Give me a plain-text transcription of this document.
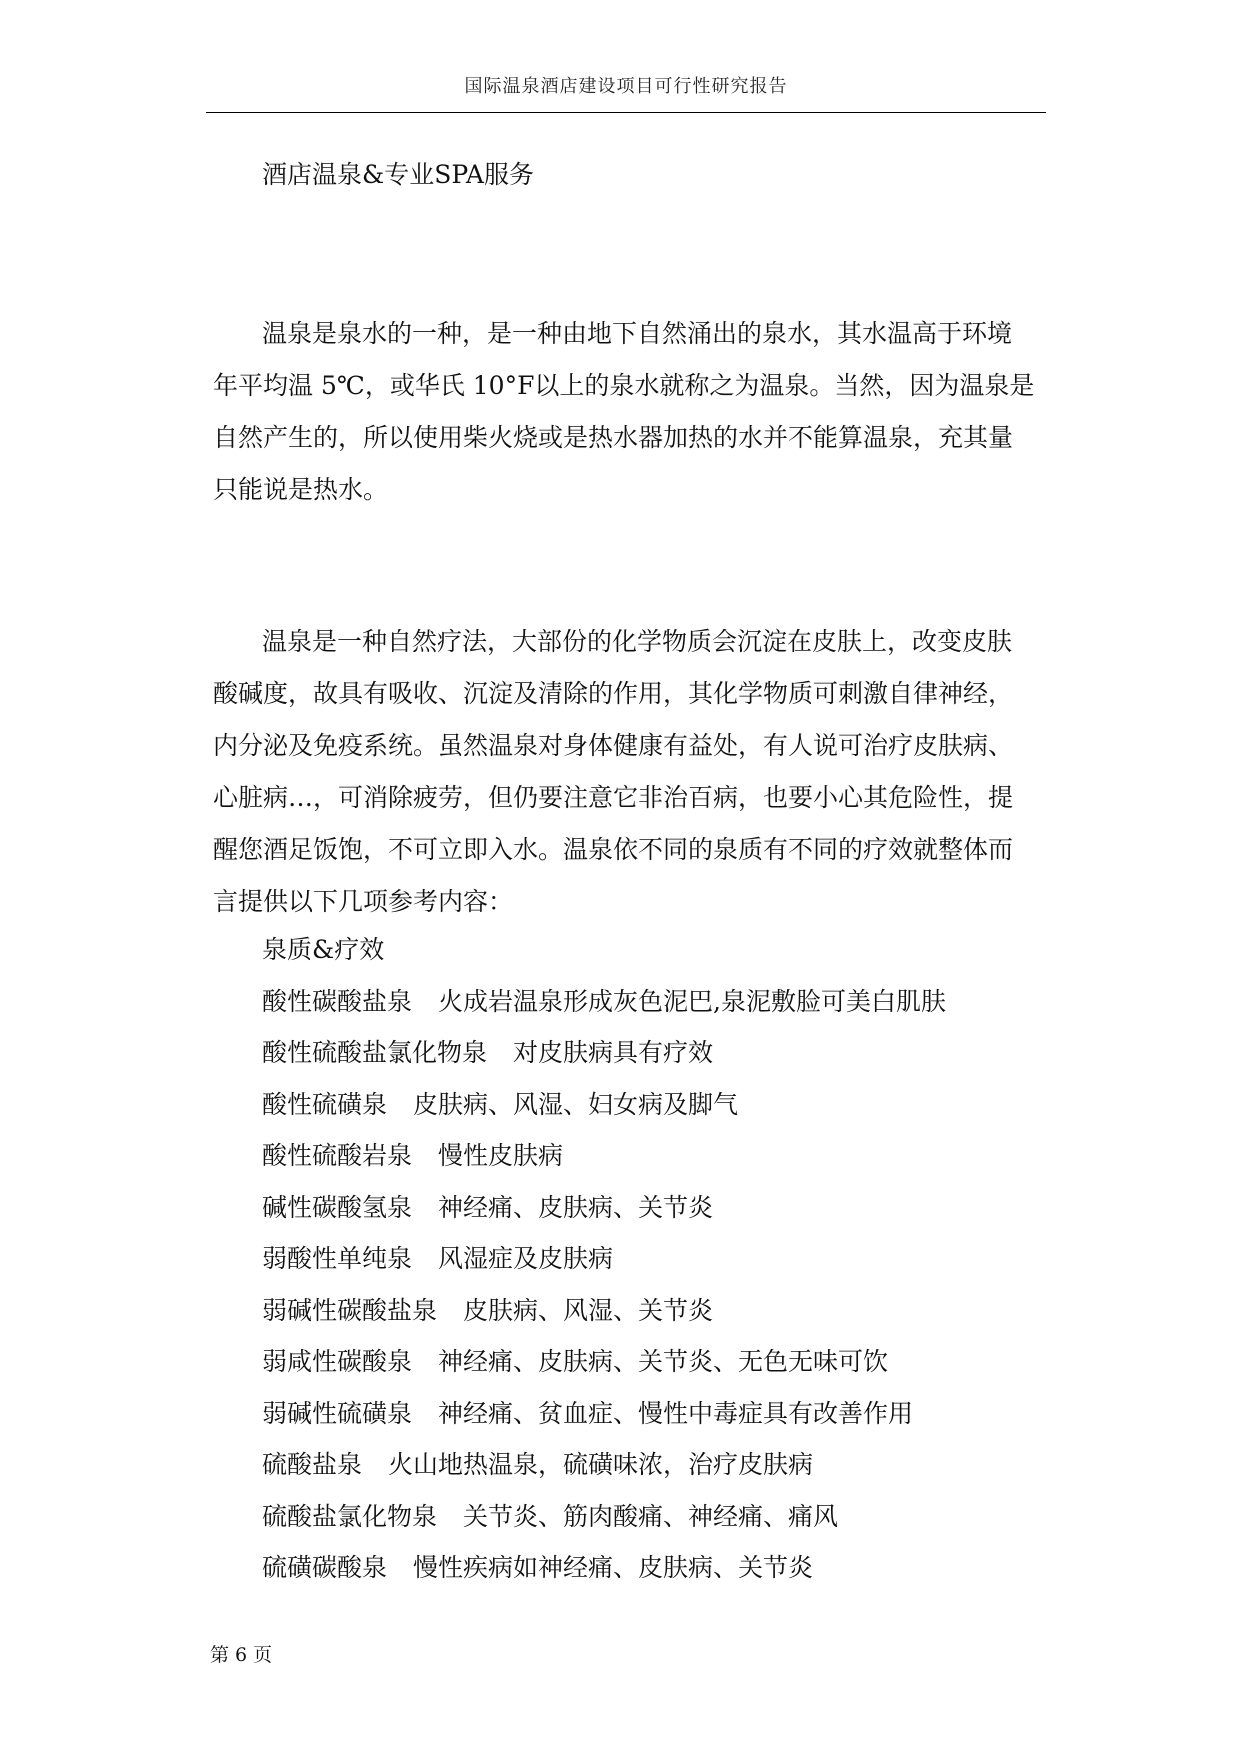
国际温泉酒店建设项目可行性研究报告
酒店温泉&专业SPA服务
温泉是泉水的一种，是一种由地下自然涌出的泉水，其水温高于环境
年平均温 5℃，或华氏 10°F以上的泉水就称之为温泉。当然，因为温泉是
自然产生的，所以使用柴火烧或是热水器加热的水并不能算温泉，充其量
只能说是热水。
温泉是一种自然疗法，大部份的化学物质会沉淀在皮肤上，改变皮肤
酸碱度，故具有吸收、沉淀及清除的作用，其化学物质可刺激自律神经，
内分泌及免疫系统。虽然温泉对身体健康有益处，有人说可治疗皮肤病、
心脏病…，可消除疲劳，但仍要注意它非治百病，也要小心其危险性，提
醒您酒足饭饱，不可立即入水。温泉依不同的泉质有不同的疗效就整体而
言提供以下几项参考内容：
泉质&疗效
酸性碳酸盐泉 火成岩温泉形成灰色泥巴,泉泥敷脸可美白肌肤
酸性硫酸盐氯化物泉 对皮肤病具有疗效
酸性硫磺泉 皮肤病、风湿、妇女病及脚气
酸性硫酸岩泉 慢性皮肤病
碱性碳酸氢泉 神经痛、皮肤病、关节炎
弱酸性单纯泉 风湿症及皮肤病
弱碱性碳酸盐泉 皮肤病、风湿、关节炎
弱咸性碳酸泉 神经痛、皮肤病、关节炎、无色无味可饮
弱碱性硫磺泉 神经痛、贫血症、慢性中毒症具有改善作用
硫酸盐泉 火山地热温泉，硫磺味浓，治疗皮肤病
硫酸盐氯化物泉 关节炎、筋肉酸痛、神经痛、痛风
硫磺碳酸泉 慢性疾病如神经痛、皮肤病、关节炎
第 6 页
